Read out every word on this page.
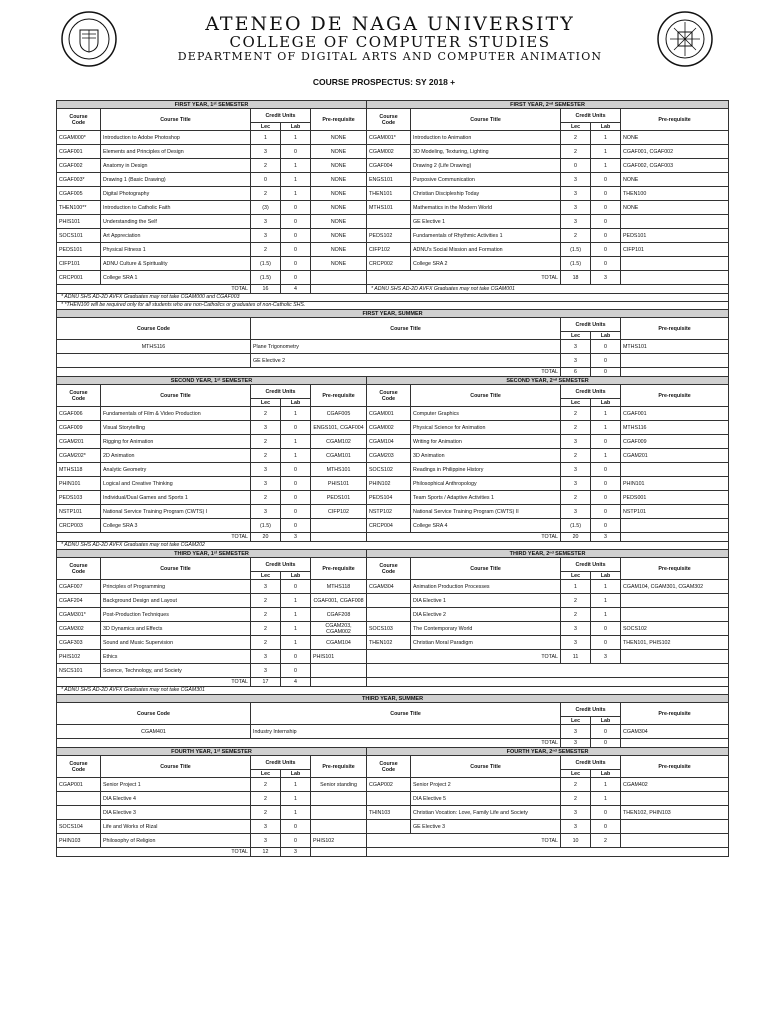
ATENEO DE NAGA UNIVERSITY
COLLEGE OF COMPUTER STUDIES
DEPARTMENT OF DIGITAL ARTS AND COMPUTER ANIMATION
COURSE PROSPECTUS: SY 2018 +
FIRST YEAR, 1ˢᵗ SEMESTER					FIRST YEAR, 2ⁿᵈ SEMESTER				
Course
Code	Course Title	Credit Units		Pre-requisite	Course
Code	Course Title	Credit Units		Pre-requisite
		Lec	Lab				Lec	Lab	
CGAM000*	Introduction to Adobe Photoshop	1	1	NONE	CGAM001*	Introduction to Animation	2	1	NONE
CGAF001	Elements and Principles of Design	3	0	NONE	CGAM002	3D Modeling, Texturing, Lighting	2	1	CGAF001, CGAF002
CGAF002	Anatomy in Design	2	1	NONE	CGAF004	Drawing 2 (Life Drawing)	0	1	CGAF002, CGAF003
CGAF003*	Drawing 1 (Basic Drawing)	0	1	NONE	ENGS101	Purposive Communication	3	0	NONE
CGAF005	Digital Photography	2	1	NONE	THEN101	Christian Discipleship Today	3	0	THEN100
THEN100**	Introduction to Catholic Faith	(3)	0	NONE	MTHS101	Mathematics in the Modern World	3	0	NONE
PHIS101	Understanding the Self	3	0	NONE		GE Elective 1	3	0	
SOCS101	Art Appreciation	3	0	NONE	PEDS102	Fundamentals of Rhythmic Activities 1	2	0	PEDS101
PEDS101	Physical Fitness 1	2	0	NONE	CIFP102	ADNU's Social Mission and Formation	(1.5)	0	CIFP101
CIFP101	ADNU Culture & Spirituality	(1.5)	0	NONE	CRCP002	College SRA 2	(1.5)	0	
CRCP001	College SRA 1	(1.5)	0		TOTAL		18	3	
TOTAL		16	4		* ADNU SHS AD-2D AVFX Graduates may not take CGAM001				
* ADNU SHS AD-2D AVFX Graduates may not take CGAM000 and CGAF003									
* *THEN100 will be required only for all students who are non-Catholics or graduates of non-Catholic SHS.									
FIRST YEAR, SUMMER									
Course Code		Course Title					Credit Units		Pre-requisite
							Lec	Lab	
MTHS116		Plane Trigonometry					3	0	MTHS101
		GE Elective 2					3	0	
TOTAL							6	0	
SECOND YEAR, 1ˢᵗ SEMESTER					SECOND YEAR, 2ⁿᵈ SEMESTER				
Course
Code	Course Title	Credit Units		Pre-requisite	Course
Code	Course Title	Credit Units		Pre-requisite
		Lec	Lab				Lec	Lab	
CGAF006	Fundamentals of Film & Video Production	2	1	CGAF005	CGAM001	Computer Graphics	2	1	CGAF001
CGAF009	Visual Storytelling	3	0	ENGS101, CGAF004	CGAM002	Physical Science for Animation	2	1	MTHS116
CGAM201	Rigging for Animation	2	1	CGAM102	CGAM104	Writing for Animation	3	0	CGAF009
CGAM202*	2D Animation	2	1	CGAM101	CGAM203	3D Animation	2	1	CGAM201
MTHS118	Analytic Geometry	3	0	MTHS101	SOCS102	Readings in Philippine History	3	0	
PHIN101	Logical and Creative Thinking	3	0	PHIS101	PHIN102	Philosophical Anthropology	3	0	PHIN101
PEDS103	Individual/Dual Games and Sports 1	2	0	PEDS101	PEDS104	Team Sports / Adaptive Activities 1	2	0	PEDS001
NSTP101	National Service Training Program (CWTS) I	3	0	CIFP102	NSTP102	National Service Training Program (CWTS) II	3	0	NSTP101
CRCP003	College SRA 3	(1.5)	0		CRCP004	College SRA 4	(1.5)	0	
TOTAL		20	3		TOTAL		20	3	
* ADNU SHS AD-2D AVFX Graduates may not take CGAM202									
THIRD YEAR, 1ˢᵗ SEMESTER					THIRD YEAR, 2ⁿᵈ SEMESTER				
Course
Code	Course Title	Credit Units		Pre-requisite	Course
Code	Course Title	Credit Units		Pre-requisite
		Lec	Lab				Lec	Lab	
CGAF007	Principles of Programming	3	0	MTHS118	CGAM304	Animation Production Processes	1	1	CGAM104, CGAM301, CGAM302
CGAF204	Background Design and Layout	2	1	CGAF001, CGAF008		DIA Elective 1	2	1	
CGAM301*	Post-Production Techniques	2	1	CGAF208		DIA Elective 2	2	1	
CGAM302	3D Dynamics and Effects	2	1	CGAM203, CGAM002	SOCS103	The Contemporary World	3	0	SOCS102
CGAF303	Sound and Music Supervision	2	1	CGAM104	THEN102	Christian Moral Paradigm	3	0	THEN101, PHIS102
PHIS102	Ethics	3	0	PHIS101	TOTAL		11	3	
NSCS101	Science, Technology, and Society	3	0						
TOTAL		17	4						
* ADNU SHS AD-2D AVFX Graduates may not take CGAM301									
THIRD YEAR, SUMMER									
Course Code		Course Title					Credit Units		Pre-requisite
							Lec	Lab	
CGAM401		Industry Internship					3	0	CGAM304
TOTAL							3	0	
FOURTH YEAR, 1ˢᵗ SEMESTER					FOURTH YEAR, 2ⁿᵈ SEMESTER				
Course
Code	Course Title	Credit Units		Pre-requisite	Course
Code	Course Title	Credit Units		Pre-requisite
		Lec	Lab				Lec	Lab	
CGAP001	Senior Project 1	2	1	Senior standing	CGAP002	Senior Project 2	2	1	CGAM402
	DIA Elective 4	2	1			DIA Elective 5	2	1	
	DIA Elective 3	2	1		THIN103	Christian Vocation: Love, Family Life and Society	3	0	THEN102, PHIN103
SOCS104	Life and Works of Rizal	3	0			GE Elective 3	3	0	
PHIN103	Philosophy of Religion	3	0	PHIS102	TOTAL		10	2	
TOTAL		12	3						
